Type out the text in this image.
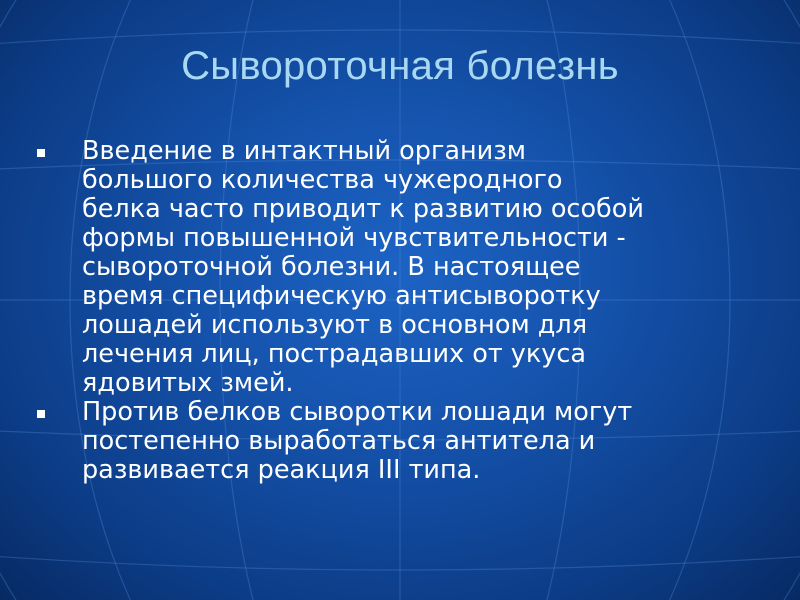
Сывороточная болезнь
Введение в интактный организм
большого количества чужеродного
белка часто приводит к развитию особой
формы повышенной чувствительности -
сывороточной болезни. В настоящее
время специфическую антисыворотку
лошадей используют в основном для
лечения лиц, пострадавших от укуса
ядовитых змей.
Против белков сыворотки лошади могут
постепенно выработаться антитела и
развивается реакция III типа.
